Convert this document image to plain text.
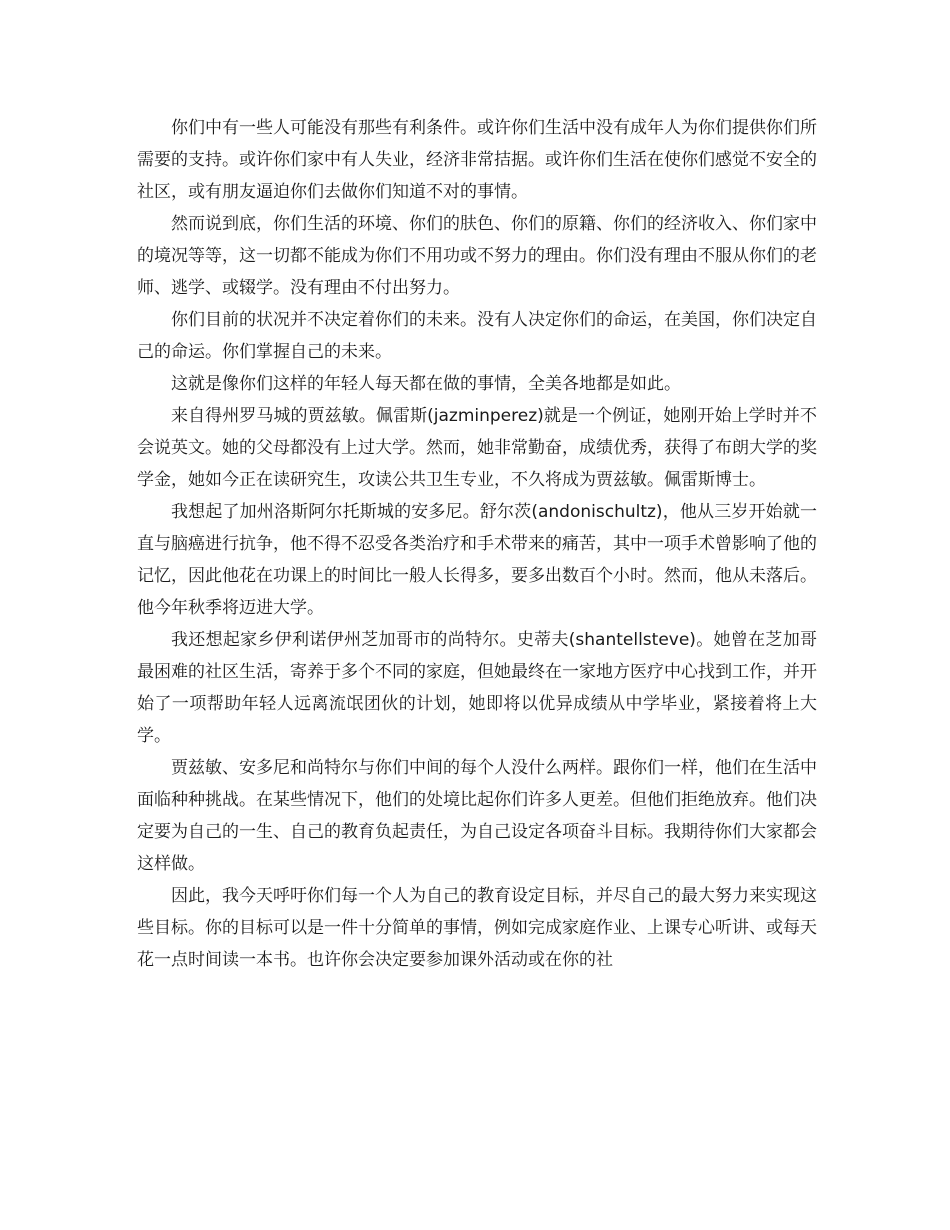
你们中有一些人可能没有那些有利条件。或许你们生活中没有成年人为你们提供你们所需要的支持。或许你们家中有人失业，经济非常拮据。或许你们生活在使你们感觉不安全的社区，或有朋友逼迫你们去做你们知道不对的事情。

然而说到底，你们生活的环境、你们的肤色、你们的原籍、你们的经济收入、你们家中的境况等等，这一切都不能成为你们不用功或不努力的理由。你们没有理由不服从你们的老师、逃学、或辍学。没有理由不付出努力。

你们目前的状况并不决定着你们的未来。没有人决定你们的命运，在美国，你们决定自己的命运。你们掌握自己的未来。

这就是像你们这样的年轻人每天都在做的事情，全美各地都是如此。

来自得州罗马城的贾兹敏。佩雷斯(jazminperez)就是一个例证，她刚开始上学时并不会说英文。她的父母都没有上过大学。然而，她非常勤奋，成绩优秀，获得了布朗大学的奖学金，她如今正在读研究生，攻读公共卫生专业，不久将成为贾兹敏。佩雷斯博士。

我想起了加州洛斯阿尔托斯城的安多尼。舒尔茨(andonischultz)，他从三岁开始就一直与脑癌进行抗争，他不得不忍受各类治疗和手术带来的痛苦，其中一项手术曾影响了他的记忆，因此他花在功课上的时间比一般人长得多，要多出数百个小时。然而，他从未落后。他今年秋季将迈进大学。

我还想起家乡伊利诺伊州芝加哥市的尚特尔。史蒂夫(shantellsteve)。她曾在芝加哥最困难的社区生活，寄养于多个不同的家庭，但她最终在一家地方医疗中心找到工作，并开始了一项帮助年轻人远离流氓团伙的计划，她即将以优异成绩从中学毕业，紧接着将上大学。

贾兹敏、安多尼和尚特尔与你们中间的每个人没什么两样。跟你们一样，他们在生活中面临种种挑战。在某些情况下，他们的处境比起你们许多人更差。但他们拒绝放弃。他们决定要为自己的一生、自己的教育负起责任，为自己设定各项奋斗目标。我期待你们大家都会这样做。

因此，我今天呼吁你们每一个人为自己的教育设定目标，并尽自己的最大努力来实现这些目标。你的目标可以是一件十分简单的事情，例如完成家庭作业、上课专心听讲、或每天花一点时间读一本书。也许你会决定要参加课外活动或在你的社
